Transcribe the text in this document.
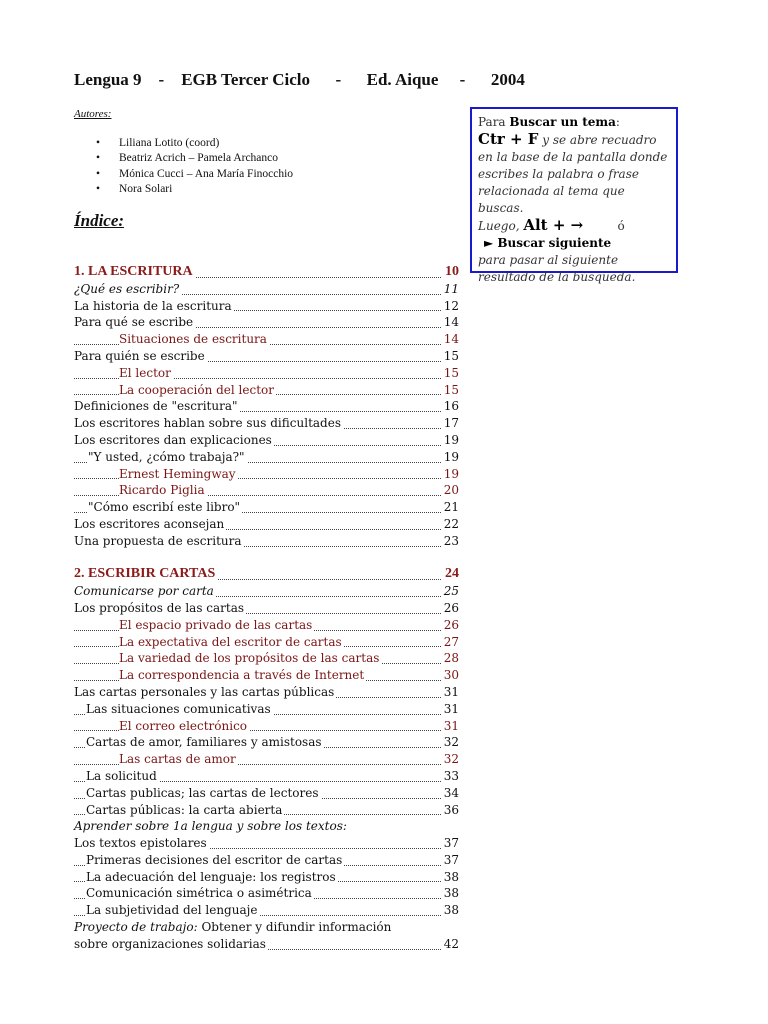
Lengua 9    -    EGB Tercer Ciclo      -      Ed. Aique     -      2004
Autores:
• Liliana Lotito (coord)
• Beatriz Acrich – Pamela Archanco
• Mónica Cucci – Ana María Finocchio
• Nora Solari
Índice:
1. LA ESCRITURA	10
¿Qué es escribir?	11
La historia de la escritura	12
Para qué se escribe	14
Situaciones de escritura	14
Para quién se escribe	15
El lector	15
La cooperación del lector	15
Definiciones de "escritura"	16
Los escritores hablan sobre sus dificultades	17
Los escritores dan explicaciones	19
"Y usted, ¿cómo trabaja?"	19
Ernest Hemingway	19
Ricardo Piglia	20
"Cómo escribí este libro"	21
Los escritores aconsejan	22
Una propuesta de escritura	23
2. ESCRIBIR CARTAS	24
Comunicarse por carta	25
Los propósitos de las cartas	26
El espacio privado de las cartas	26
La expectativa del escritor de cartas	27
La variedad de los propósitos de las cartas	28
La correspondencia a través de Internet	30
Las cartas personales y las cartas públicas	31
Las situaciones comunicativas	31
El correo electrónico	31
Cartas de amor, familiares y amistosas	32
Las cartas de amor	32
La solicitud	33
Cartas publicas; las cartas de lectores	34
Cartas públicas: la carta abierta	36
Aprender sobre 1a lengua y sobre los textos:
Los textos epistolares	37
Primeras decisiones del escritor de cartas	37
La adecuación del lenguaje: los registros	38
Comunicación simétrica o asimétrica	38
La subjetividad del lenguaje	38
Proyecto de trabajo: Obtener y difundir información
sobre organizaciones solidarias	42
Para Buscar un tema:
Ctr + F y se abre recuadro en la base de la pantalla donde escribes la palabra o frase relacionada al tema que buscas.
Luego, Alt + →         ó
► Buscar siguiente
para pasar al siguiente resultado de la búsqueda.
